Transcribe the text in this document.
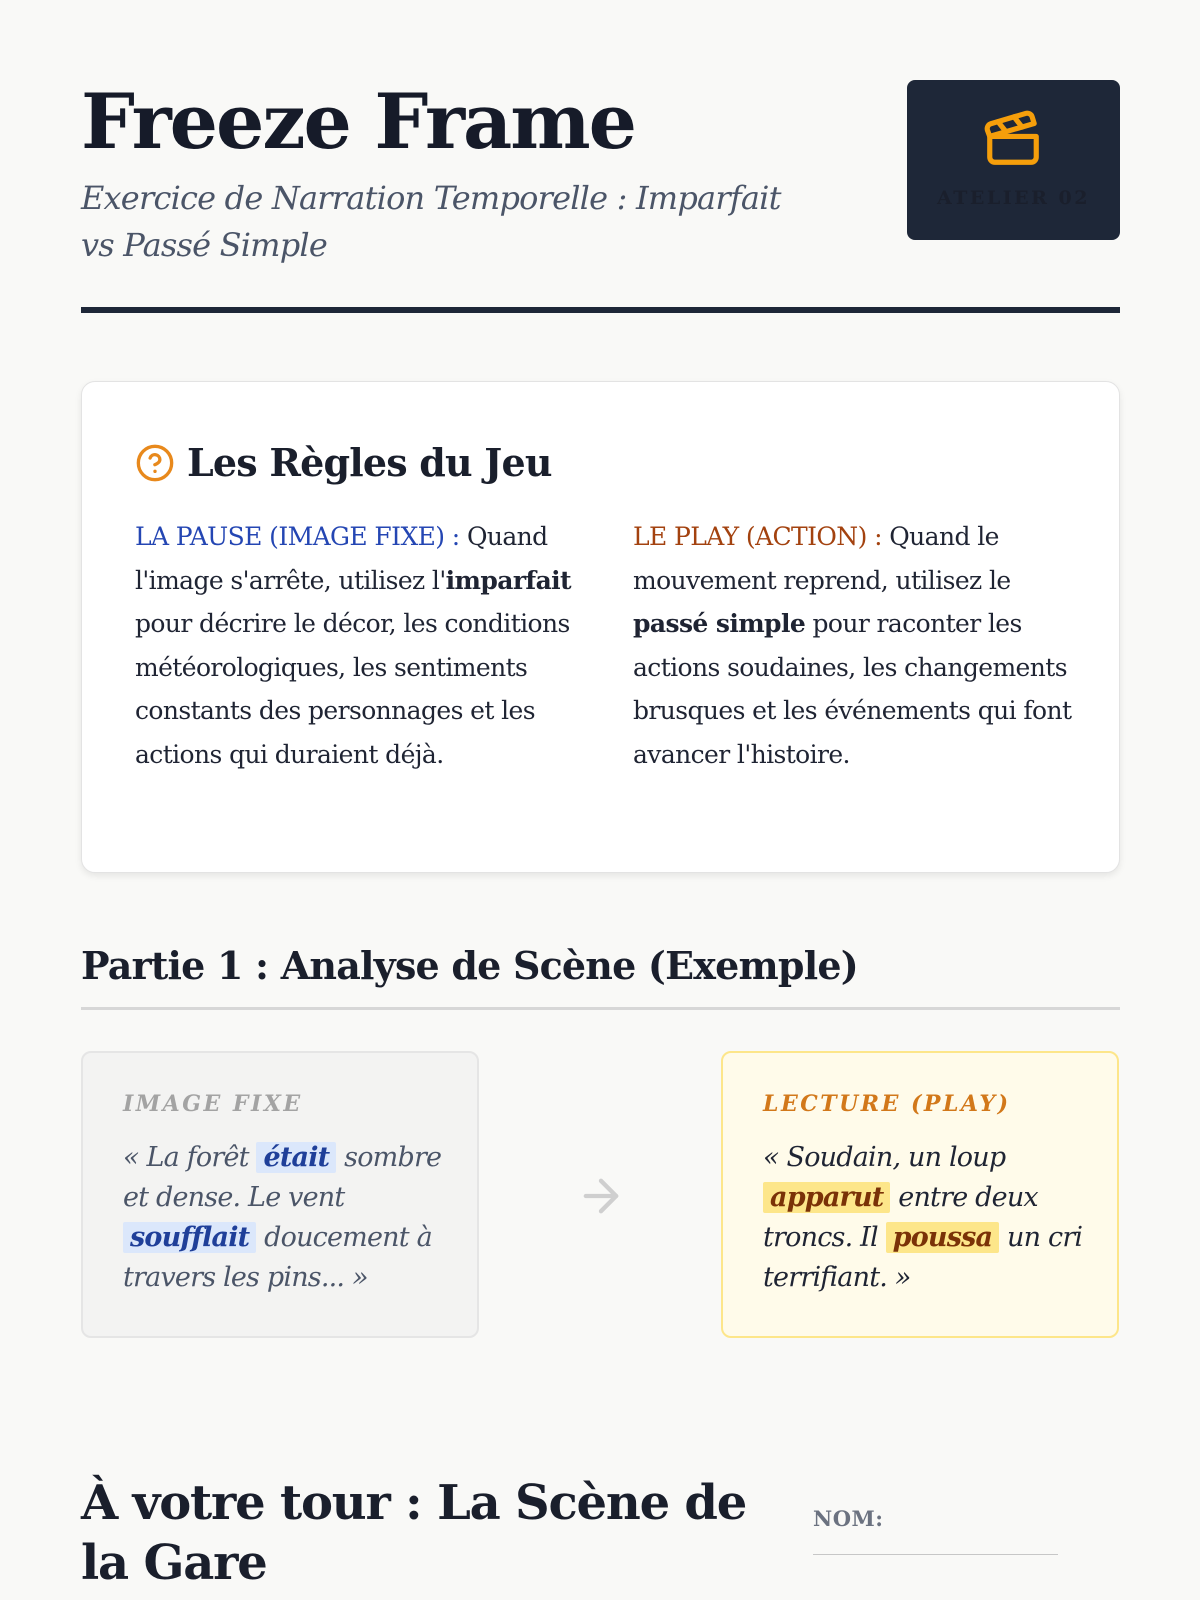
Freeze Frame

Exercice de Narration Temporelle : Imparfait vs Passé Simple

ATELIER 02
Les Règles du Jeu
LA PAUSE (IMAGE FIXE) : Quand l'image s'arrête, utilisez l'imparfait pour décrire le décor, les conditions météorologiques, les sentiments constants des personnages et les actions qui duraient déjà.
LE PLAY (ACTION) : Quand le mouvement reprend, utilisez le passé simple pour raconter les actions soudaines, les changements brusques et les événements qui font avancer l'histoire.
Partie 1 : Analyse de Scène (Exemple)
IMAGE FIXE
« La forêt était sombre et dense. Le vent soufflait doucement à travers les pins... »
LECTURE (PLAY)
« Soudain, un loup apparut entre deux troncs. Il poussa un cri terrifiant. »
À votre tour : La Scène de la Gare
NOM:
